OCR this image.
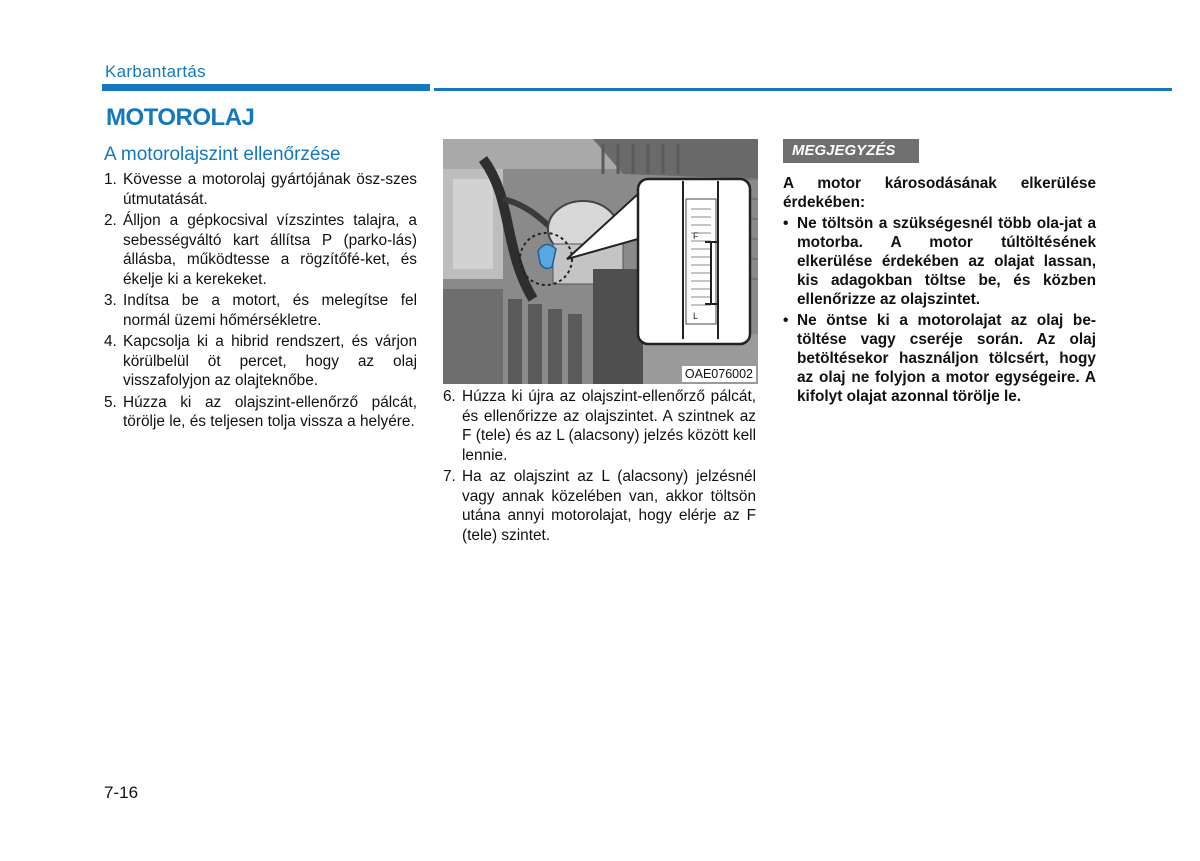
Karbantartás
MOTOROLAJ
A motorolajszint ellenőrzése
1. Kövesse a motorolaj gyártójának ösz-szes útmutatását.
2. Álljon a gépkocsival vízszintes talajra, a sebességváltó kart állítsa P (parko-lás) állásba, működtesse a rögzítőfé-ket, és ékelje ki a kerekeket.
3. Indítsa be a motort, és melegítse fel normál üzemi hőmérsékletre.
4. Kapcsolja ki a hibrid rendszert, és várjon körülbelül öt percet, hogy az olaj visszafolyjon az olajteknőbe.
5. Húzza ki az olajszint-ellenőrző pálcát, törölje le, és teljesen tolja vissza a helyére.
F
L
OAE076002
6. Húzza ki újra az olajszint-ellenőrző pálcát, és ellenőrizze az olajszintet. A szintnek az F (tele) és az L (alacsony) jelzés között kell lennie.
7. Ha az olajszint az L (alacsony) jelzésnél vagy annak közelében van, akkor töltsön utána annyi motorolajat, hogy elérje az F (tele) szintet.
MEGJEGYZÉS

A motor károsodásának elkerülése érdekében:

• Ne töltsön a szükségesnél több ola-jat a motorba. A motor túltöltésének elkerülése érdekében az olajat lassan, kis adagokban töltse be, és közben ellenőrizze az olajszintet.
• Ne öntse ki a motorolajat az olaj be-töltése vagy cseréje során. Az olaj betöltésekor használjon tölcsért, hogy az olaj ne folyjon a motor egységeire. A kifolyt olajat azonnal törölje le.
7-16
